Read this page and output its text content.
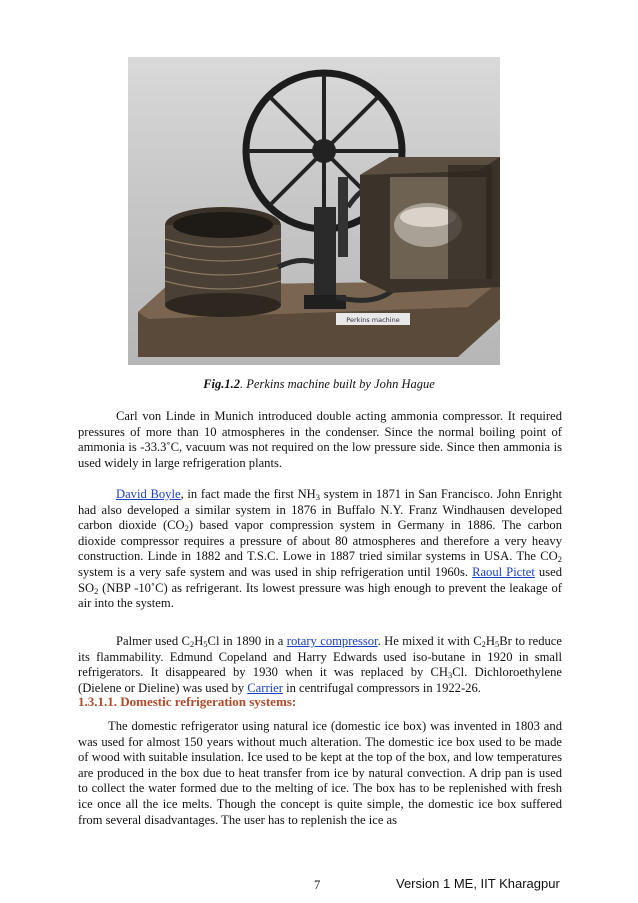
Perkins machine
Fig.1.2. Perkins machine built by John Hague

Carl von Linde in Munich introduced double acting ammonia compressor. It required pressures of more than 10 atmospheres in the condenser. Since the normal boiling point of ammonia is -33.3˚C, vacuum was not required on the low pressure side. Since then ammonia is used widely in large refrigeration plants.

David Boyle, in fact made the first $NH_3$ system in 1871 in San Francisco. John Enright had also developed a similar system in 1876 in Buffalo N.Y. Franz Windhausen developed carbon dioxide $(CO_2)$ based vapor compression system in Germany in 1886. The carbon dioxide compressor requires a pressure of about 80 atmospheres and therefore a very heavy construction. Linde in 1882 and T.S.C. Lowe in 1887 tried similar systems in USA. The $CO_2$ system is a very safe system and was used in ship refrigeration until 1960s. Raoul Pictet used $SO_2$ (NBP -10˚C) as refrigerant. Its lowest pressure was high enough to prevent the leakage of air into the system.

Palmer used $C_2H_5Cl$ in 1890 in a rotary compressor. He mixed it with $C_2H_5Br$ to reduce its flammability. Edmund Copeland and Harry Edwards used iso-butane in 1920 in small refrigerators. It disappeared by 1930 when it was replaced by $CH_3Cl$. Dichloroethylene (Dielene or Dieline) was used by Carrier in centrifugal compressors in 1922-26.

1.3.1.1. Domestic refrigeration systems:

The domestic refrigerator using natural ice (domestic ice box) was invented in 1803 and was used for almost 150 years without much alteration. The domestic ice box used to be made of wood with suitable insulation. Ice used to be kept at the top of the box, and low temperatures are produced in the box due to heat transfer from ice by natural convection. A drip pan is used to collect the water formed due to the melting of ice. The box has to be replenished with fresh ice once all the ice melts. Though the concept is quite simple, the domestic ice box suffered from several disadvantages. The user has to replenish the ice as

7	Version 1 ME, IIT Kharagpur
